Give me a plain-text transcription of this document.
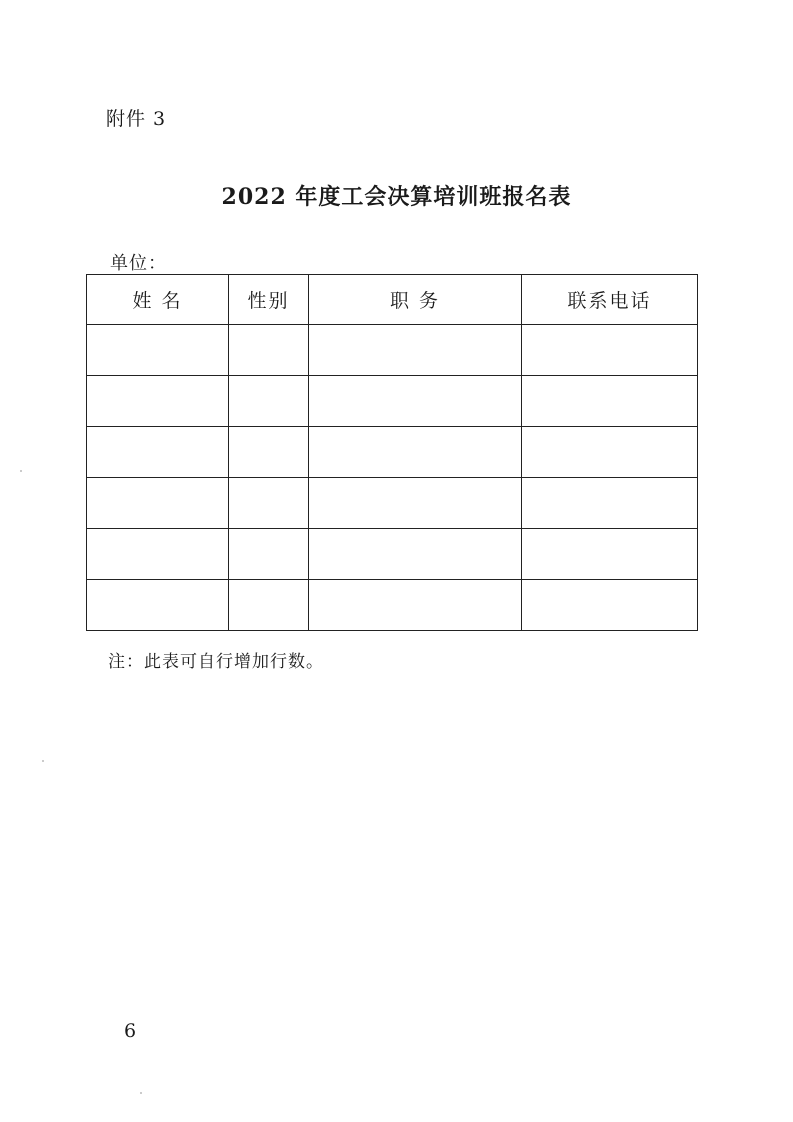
附件 3
2022 年度工会决算培训班报名表
单位：
姓 名	性别	职 务	联系电话

注：此表可自行增加行数。
6
